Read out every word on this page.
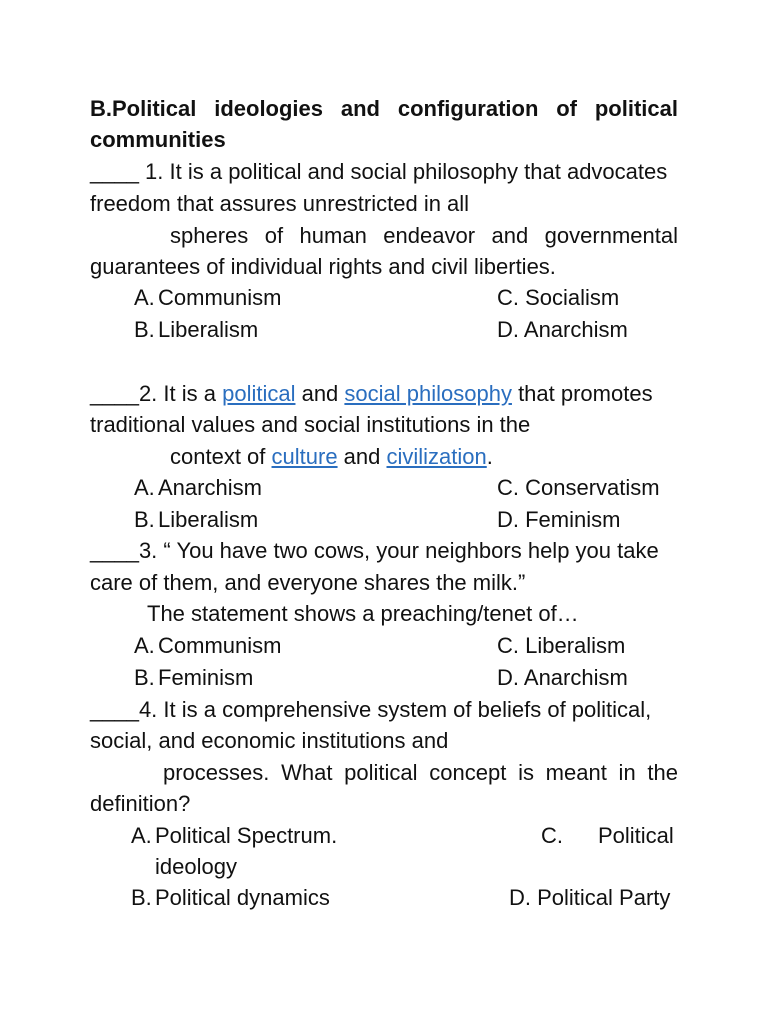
B.Political ideologies and configuration of political
communities
____ 1. It is a political and social philosophy that advocates
freedom that assures unrestricted in all
spheres of human endeavor and governmental
guarantees of individual rights and civil liberties.
A. Communism	C. Socialism
B. Liberalism	D. Anarchism
____2. It is a political and social philosophy that promotes
traditional values and social institutions in the
context of culture and civilization.
A. Anarchism	C. Conservatism
B. Liberalism	D. Feminism
____3. “ You have two cows, your neighbors help you take
care of them, and everyone shares the milk.”
The statement shows a preaching/tenet of…
A. Communism	C. Liberalism
B. Feminism	D. Anarchism
____4. It is a comprehensive system of beliefs of political,
social, and economic institutions and
processes. What political concept is meant in the
definition?
A. Political Spectrum.	C. Political
ideology
B. Political dynamics	D. Political Party
